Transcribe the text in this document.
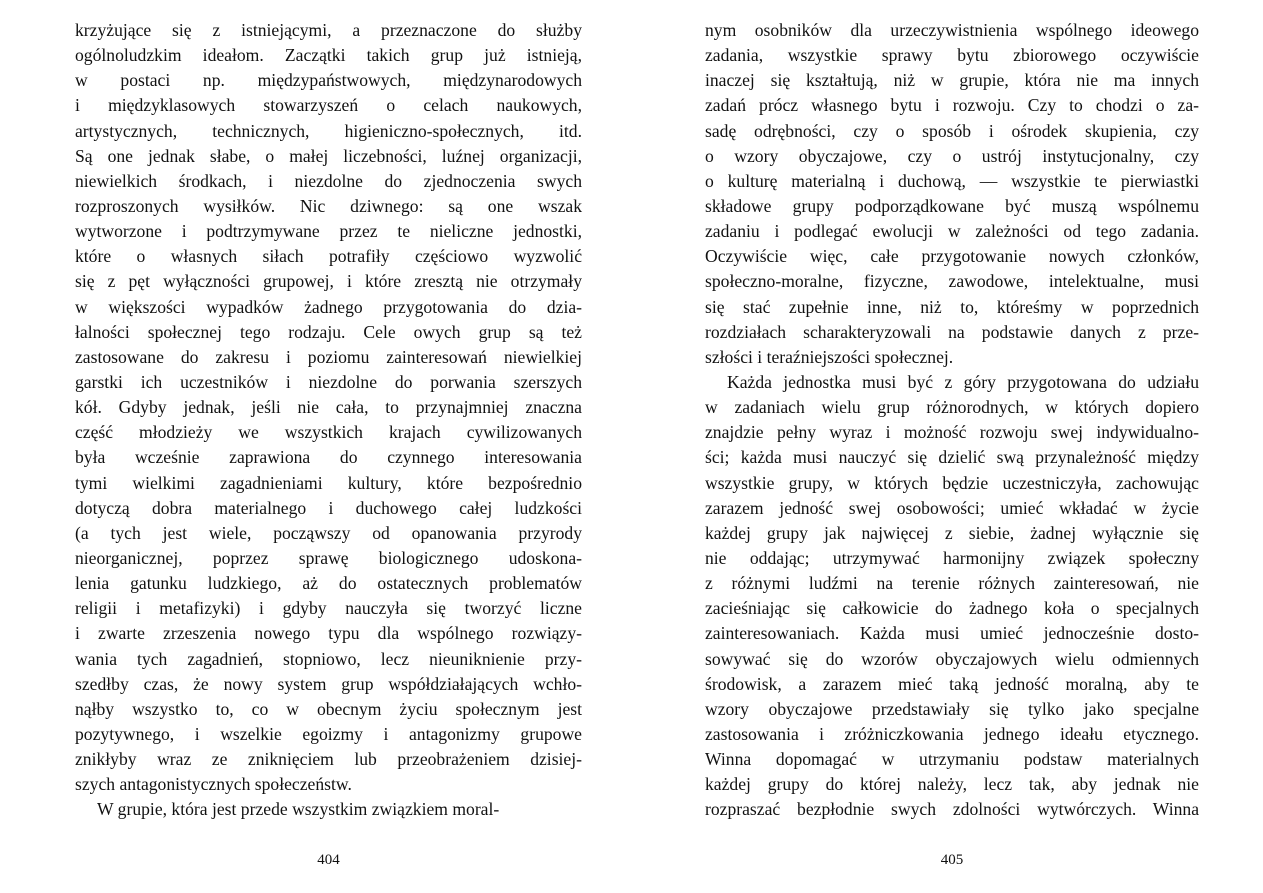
krzyżujące się z istniejącymi, a przeznaczone do służby
ogólnoludzkim ideałom. Zaczątki takich grup już istnieją,
w postaci np. międzypaństwowych, międzynarodowych
i międzyklasowych stowarzyszeń o celach naukowych,
artystycznych, technicznych, higieniczno-społecznych, itd.
Są one jednak słabe, o małej liczebności, luźnej organizacji,
niewielkich środkach, i niezdolne do zjednoczenia swych
rozproszonych wysiłków. Nic dziwnego: są one wszak
wytworzone i podtrzymywane przez te nieliczne jednostki,
które o własnych siłach potrafiły częściowo wyzwolić
się z pęt wyłączności grupowej, i które zresztą nie otrzymały
w większości wypadków żadnego przygotowania do dzia-
łalności społecznej tego rodzaju. Cele owych grup są też
zastosowane do zakresu i poziomu zainteresowań niewielkiej
garstki ich uczestników i niezdolne do porwania szerszych
kół. Gdyby jednak, jeśli nie cała, to przynajmniej znaczna
część młodzieży we wszystkich krajach cywilizowanych
była wcześnie zaprawiona do czynnego interesowania
tymi wielkimi zagadnieniami kultury, które bezpośrednio
dotyczą dobra materialnego i duchowego całej ludzkości
(a tych jest wiele, począwszy od opanowania przyrody
nieorganicznej, poprzez sprawę biologicznego udoskona-
lenia gatunku ludzkiego, aż do ostatecznych problematów
religii i metafizyki) i gdyby nauczyła się tworzyć liczne
i zwarte zrzeszenia nowego typu dla wspólnego rozwiązy-
wania tych zagadnień, stopniowo, lecz nieuniknienie przy-
szedłby czas, że nowy system grup współdziałających wchło-
nąłby wszystko to, co w obecnym życiu społecznym jest
pozytywnego, i wszelkie egoizmy i antagonizmy grupowe
znikłyby wraz ze zniknięciem lub przeobrażeniem dzisiej-
szych antagonistycznych społeczeństw.
W grupie, która jest przede wszystkim związkiem moral-
404
nym osobników dla urzeczywistnienia wspólnego ideowego
zadania, wszystkie sprawy bytu zbiorowego oczywiście
inaczej się kształtują, niż w grupie, która nie ma innych
zadań prócz własnego bytu i rozwoju. Czy to chodzi o za-
sadę odrębności, czy o sposób i ośrodek skupienia, czy
o wzory obyczajowe, czy o ustrój instytucjonalny, czy
o kulturę materialną i duchową, — wszystkie te pierwiastki
składowe grupy podporządkowane być muszą wspólnemu
zadaniu i podlegać ewolucji w zależności od tego zadania.
Oczywiście więc, całe przygotowanie nowych członków,
społeczno-moralne, fizyczne, zawodowe, intelektualne, musi
się stać zupełnie inne, niż to, któreśmy w poprzednich
rozdziałach scharakteryzowali na podstawie danych z prze-
szłości i teraźniejszości społecznej.
Każda jednostka musi być z góry przygotowana do udziału
w zadaniach wielu grup różnorodnych, w których dopiero
znajdzie pełny wyraz i możność rozwoju swej indywidualno-
ści; każda musi nauczyć się dzielić swą przynależność między
wszystkie grupy, w których będzie uczestniczyła, zachowując
zarazem jedność swej osobowości; umieć wkładać w życie
każdej grupy jak najwięcej z siebie, żadnej wyłącznie się
nie oddając; utrzymywać harmonijny związek społeczny
z różnymi ludźmi na terenie różnych zainteresowań, nie
zacieśniając się całkowicie do żadnego koła o specjalnych
zainteresowaniach. Każda musi umieć jednocześnie dosto-
sowywać się do wzorów obyczajowych wielu odmiennych
środowisk, a zarazem mieć taką jedność moralną, aby te
wzory obyczajowe przedstawiały się tylko jako specjalne
zastosowania i zróżniczkowania jednego ideału etycznego.
Winna dopomagać w utrzymaniu podstaw materialnych
każdej grupy do której należy, lecz tak, aby jednak nie
rozpraszać bezpłodnie swych zdolności wytwórczych. Winna
405
